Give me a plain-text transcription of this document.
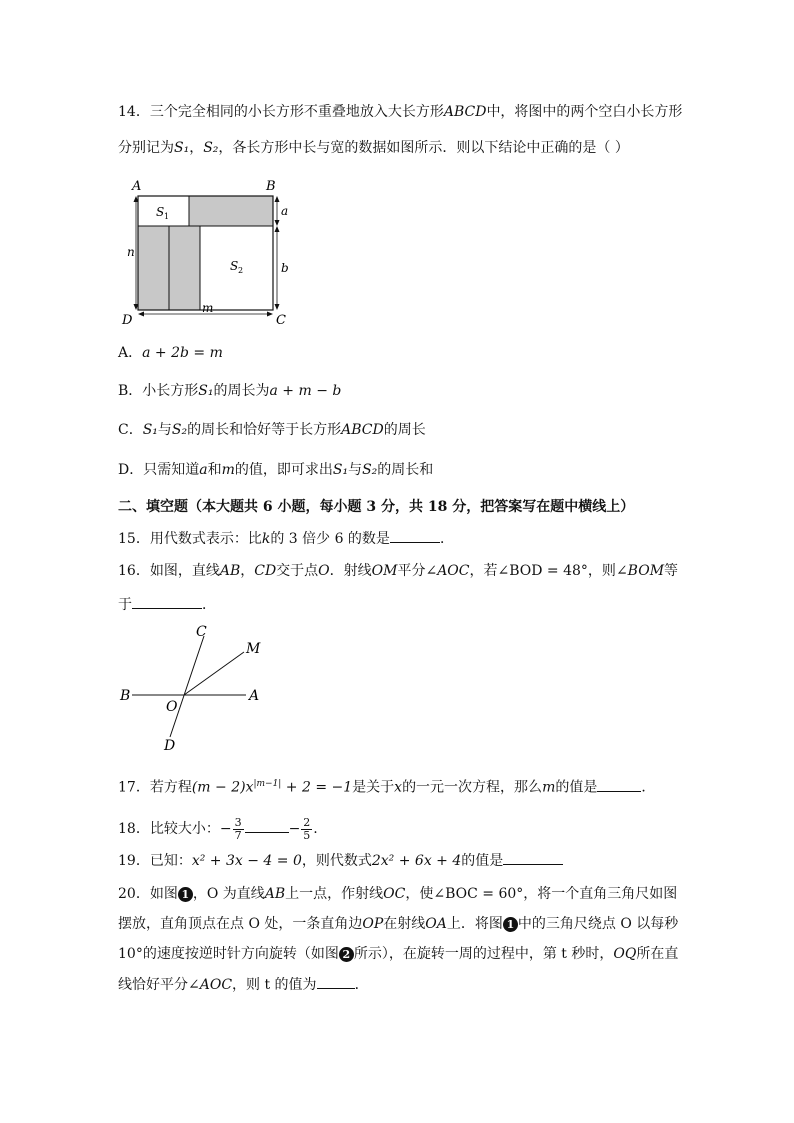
14．三个完全相同的小长方形不重叠地放入大长方形ABCD中，将图中的两个空白小长方形
分别记为S₁，S₂，各长方形中长与宽的数据如图所示．则以下结论中正确的是（ ）
A	B
D	C
S 1
S 2
n
a
b
m
A．a + 2b = m
B．小长方形S₁的周长为a + m − b
C．S₁与S₂的周长和恰好等于长方形ABCD的周长
D．只需知道a和m的值，即可求出S₁与S₂的周长和
二、填空题（本大题共 6 小题，每小题 3 分，共 18 分，把答案写在题中横线上）
15．用代数式表示：比k的 3 倍少 6 的数是	．
16．如图，直线AB，CD交于点O．射线OM平分∠AOC，若∠BOD = 48°，则∠BOM等
于	．
C
M
B
O
A
D
17．若方程$(m - 2)x^{|m-1|} + 2 = -1$是关于x的一元一次方程，那么m的值是	．
18．比较大小：− $\frac{3}{7}$	− $\frac{2}{5}$ .
19．已知：x² + 3x − 4 = 0，则代数式2x² + 6x + 4的值是
20．如图 1 ，O 为直线AB上一点，作射线OC，使∠BOC = 60°，将一个直角三角尺如图
摆放，直角顶点在点 O 处，一条直角边OP在射线OA上．将图 1 中的三角尺绕点 O 以每秒
10°的速度按逆时针方向旋转（如图 2 所示），在旋转一周的过程中，第 t 秒时，OQ所在直
线恰好平分∠AOC，则 t 的值为	．
